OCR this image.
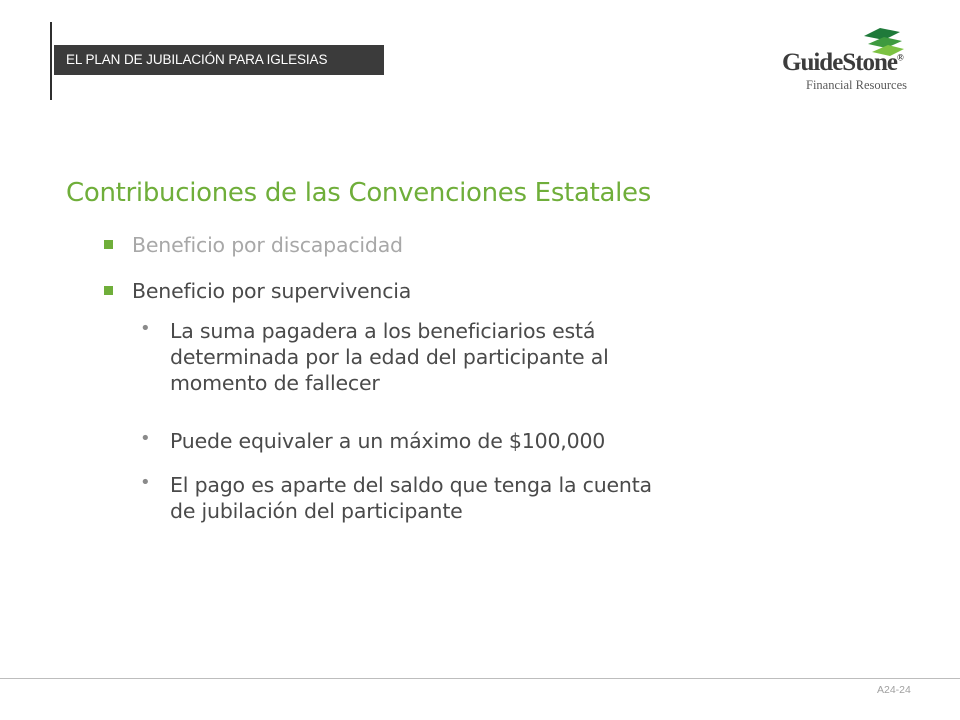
EL PLAN DE JUBILACIÓN PARA IGLESIAS	GuideStone®
Financial Resources
Contribuciones de las Convenciones Estatales
Beneficio por discapacidad
Beneficio por supervivencia
• La suma pagadera a los beneficiarios está
determinada por la edad del participante al
momento de fallecer
• Puede equivaler a un máximo de $100,000
• El pago es aparte del saldo que tenga la cuenta
de jubilación del participante
A24-24
